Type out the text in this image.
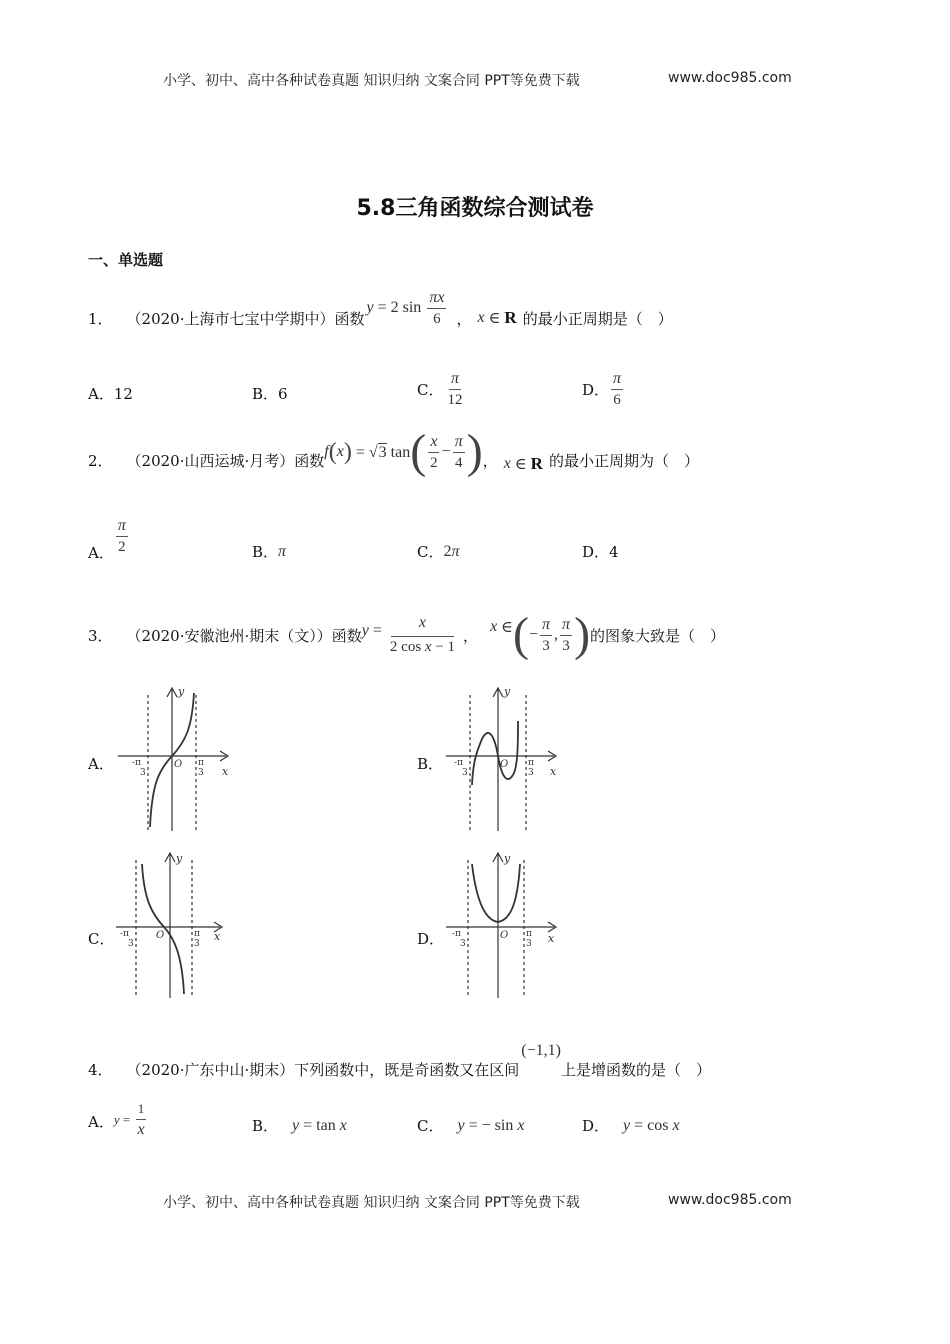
小学、初中、高中各种试卷真题 知识归纳 文案合同 PPT等免费下载	www.doc985.com
5.8三角函数综合测试卷
一、单选题
1． （2020·上海市七宝中学期中）函数
y = 2 $\sin \frac{\pi x}{6}$ ， x ∈ R 的最小正周期是（　）
A． 12	B． 6	C． $\frac{\pi}{12}$	D． $\frac{\pi}{6}$
2． （2020·山西运城·月考）函数 f ( x ) = √3 tan ( $\frac{x}{2} - \frac{\pi}{4}$ ) ， x ∈ R 的最小正周期为（　）
A． $\frac{\pi}{2}$	B． π	C． 2π	D． 4
3． （2020·安徽池州·期末（文））函数 $y = \frac{x}{\text{2 cos x − 1}}$ ， x ∈ ( − $\frac{\pi}{3}$ , $\frac{\pi}{3}$ ) 的图象大致是（　）
A．	B．
C．	D．
y
x
O
-π
3
π
3
y
x
O
-π
3
π
3
y
x
O
-π
3
π
3
y
x
O
-π
3
π
3
4． （2020·广东中山·期末）下列函数中，既是奇函数又在区间
(−1,1)
上是增函数的是（　）
A． $y = \frac{1}{x}$	B． y = tan x	C． y = − sin x	D． y = cos x
小学、初中、高中各种试卷真题 知识归纳 文案合同 PPT等免费下载	www.doc985.com
